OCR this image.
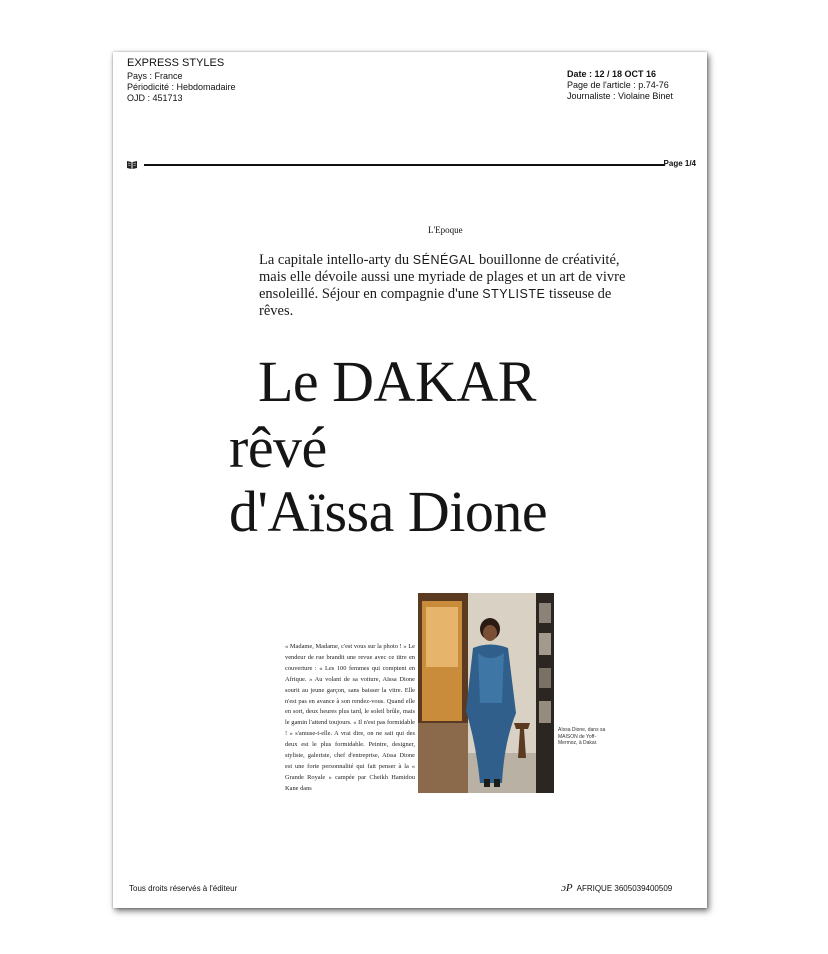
EXPRESS STYLES
Pays : France
Périodicité : Hebdomadaire
OJD : 451713
Date : 12 / 18 OCT 16
Page de l'article : p.74-76
Journaliste : Violaine Binet
Page 1/4
L'Epoque
La capitale intello-arty du SÉNÉGAL bouillonne de créativité, mais elle dévoile aussi une myriade de plages et un art de vivre ensoleillé. Séjour en compagnie d'une STYLISTE tisseuse de rêves.
Le DAKAR
rêvé
d'Aïssa Dione
« Madame, Madame, c'est vous sur la photo ! » Le vendeur de rue brandit une revue avec ce titre en couverture : « Les 100 femmes qui comptent en Afrique. » Au volant de sa voiture, Aïssa Dione sourit au jeune garçon, sans baisser la vitre. Elle n'est pas en avance à son rendez-vous. Quand elle en sort, deux heures plus tard, le soleil brûle, mais le gamin l'attend toujours. « Il n'est pas formidable ! » s'amuse-t-elle. A vrai dire, on ne sait qui des deux est le plus formidable. Peintre, designer, styliste, galeriste, chef d'entreprise, Aïssa Dione est une forte personnalité qui fait penser à la « Grande Royale » campée par Cheikh Hamidou Kane dans
Aïssa Dione, dans sa MAISON de Yoff-Mermoz, à Dakar.
Tous droits réservés à l'éditeur	ɔP AFRIQUE 3605039400509
